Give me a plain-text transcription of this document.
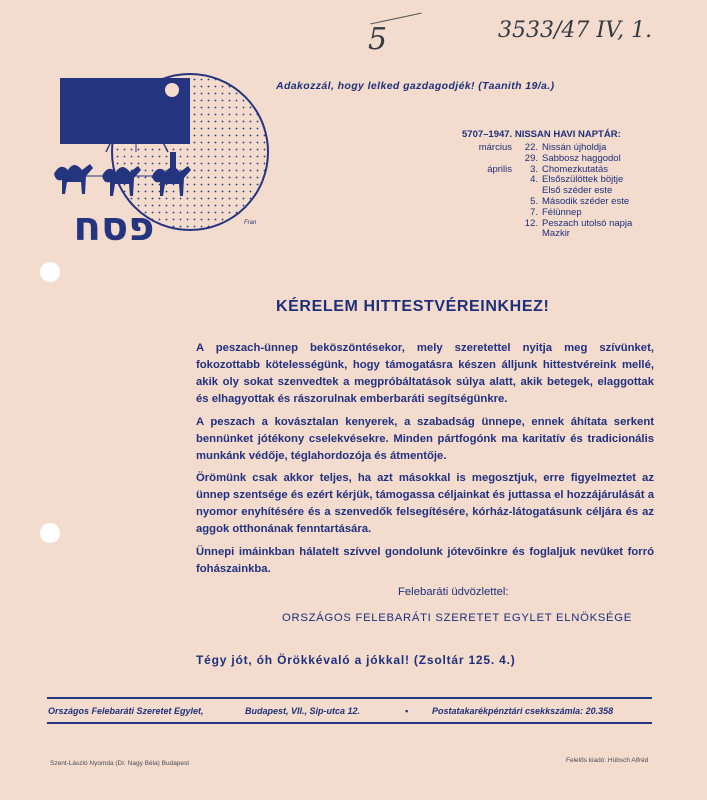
5	3533/47 IV, 1.
✦
פסח	Fran
Adakozzál, hogy lelked gazdagodjék! (Taanith 19/a.)
5707–1947. NISSAN HAVI NAPTÁR:
március	22. Nissán újholdja
29. Sabbosz haggodol
április	3. Chomezkutatás
4. Elsőszülöttek böjtje
Első széder este
5. Második széder este
7. Félünnep
12. Peszach utolsó napja
Mazkir
KÉRELEM HITTESTVÉREINKHEZ!
A peszach-ünnep beköszöntésekor, mely szeretettel nyitja meg szívünket, fokozottabb kötelességünk, hogy támogatásra készen álljunk hittestvéreink mellé, akik oly sokat szenvedtek a megpróbáltatások súlya alatt, akik betegek, elaggottak és elhagyottak és rászorulnak emberbaráti segítségünkre.
A peszach a kovásztalan kenyerek, a szabadság ünnepe, ennek áhítata serkent bennünket jótékony cselekvésekre. Minden pártfogónk ma karitatív és tradicionális munkánk védője, téglahordozója és átmentője.
Örömünk csak akkor teljes, ha azt másokkal is megosztjuk, erre figyelmeztet az ünnep szentsége és ezért kérjük, támogassa céljainkat és juttassa el hozzájárulását a nyomor enyhítésére és a szenvedők felsegítésére, kórház-látogatásunk céljára és az aggok otthonának fenntartására.
Ünnepi imáinkban hálatelt szívvel gondolunk jótevőinkre és foglaljuk nevüket forró fohászainkba.
Felebaráti üdvözlettel:
ORSZÁGOS FELEBARÁTI SZERETET EGYLET ELNÖKSÉGE
Tégy jót, óh Örökkévaló a jókkal! (Zsoltár 125. 4.)
Országos Felebaráti Szeretet Egylet,	Budapest, VII., Sip-utca 12.	•	Postatakarékpénztári csekkszámla: 20.358
Szent-László Nyomda (Dr. Nagy Béla) Budapest	Felelős kiadó: Hübsch Alfréd
